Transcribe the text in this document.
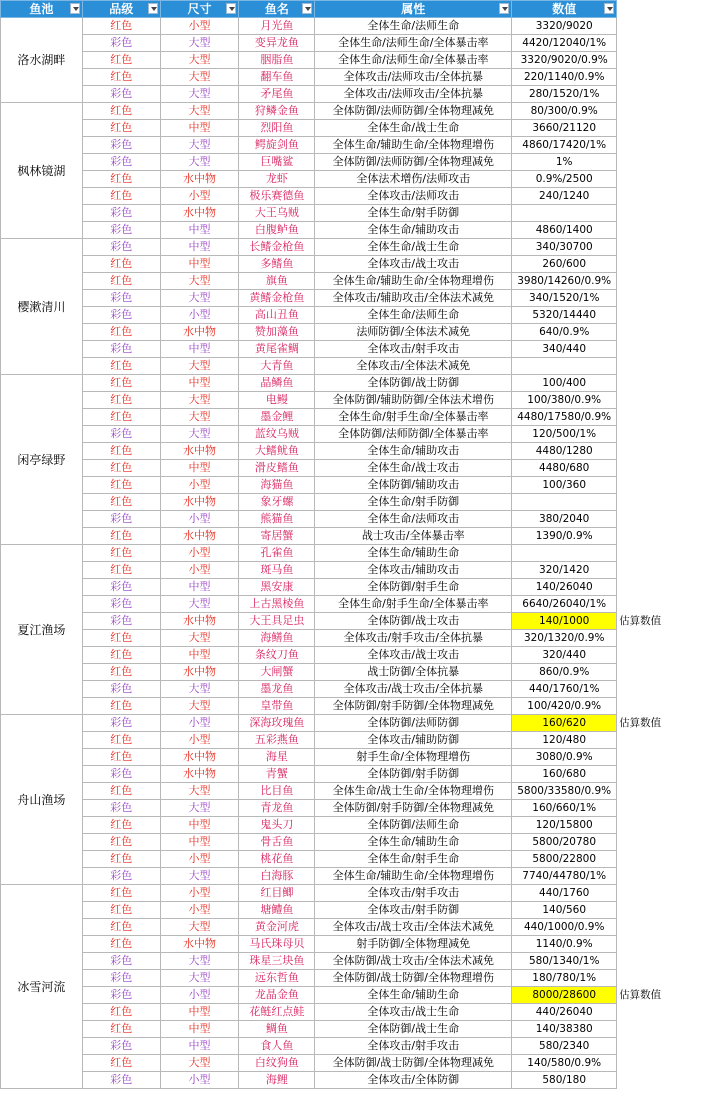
鱼池	品级	尺寸	鱼名	属性	数值	

洛水湖畔	红色	小型	月光鱼	全体生命/法师生命	3320/9020	
	彩色	大型	变异龙鱼	全体生命/法师生命/全体暴击率	4420/12040/1%	
	红色	大型	胭脂鱼	全体生命/法师生命/全体暴击率	3320/9020/0.9%	
	红色	大型	翻车鱼	全体攻击/法师攻击/全体抗暴	220/1140/0.9%	
	彩色	大型	矛尾鱼	全体攻击/法师攻击/全体抗暴	280/1520/1%	
枫林镜湖	红色	大型	狩鳞金鱼	全体防御/法师防御/全体物理减免	80/300/0.9%	
	红色	中型	烈阳鱼	全体生命/战士生命	3660/21120	
	彩色	大型	鳄旋剑鱼	全体生命/辅助生命/全体物理增伤	4860/17420/1%	
	彩色	大型	巨嘴鲨	全体防御/法师防御/全体物理减免	1%	
	红色	水中物	龙虾	全体法术增伤/法师攻击	0.9%/2500	
	红色	小型	极乐赛德鱼	全体攻击/法师攻击	240/1240	
	彩色	水中物	大王乌贼	全体生命/射手防御		
	彩色	中型	白腹鲈鱼	全体生命/辅助攻击	4860/1400	
樱漱清川	彩色	中型	长鳍金枪鱼	全体生命/战士生命	340/30700	
	红色	中型	多鳍鱼	全体攻击/战士攻击	260/600	
	红色	大型	旗鱼	全体生命/辅助生命/全体物理增伤	3980/14260/0.9%	
	彩色	大型	黄鳍金枪鱼	全体攻击/辅助攻击/全体法术减免	340/1520/1%	
	彩色	小型	高山丑鱼	全体生命/法师生命	5320/14440	
	红色	水中物	赞加藻鱼	法师防御/全体法术减免	640/0.9%	
	彩色	中型	黄尾雀鲷	全体攻击/射手攻击	340/440	
	红色	大型	大青鱼	全体攻击/全体法术减免		
闲亭绿野	红色	中型	晶鳞鱼	全体防御/战士防御	100/400	
	红色	大型	电鳗	全体防御/辅助防御/全体法术增伤	100/380/0.9%	
	红色	大型	墨金鲤	全体生命/射手生命/全体暴击率	4480/17580/0.9%	
	彩色	大型	蓝纹乌贼	全体防御/法师防御/全体暴击率	120/500/1%	
	红色	水中物	大鳍鱿鱼	全体生命/辅助攻击	4480/1280	
	红色	中型	滑皮鳍鱼	全体生命/战士攻击	4480/680	
	红色	小型	海猫鱼	全体防御/辅助攻击	100/360	
	红色	水中物	象牙螺	全体生命/射手防御		
	彩色	小型	熊猫鱼	全体生命/法师攻击	380/2040	
	红色	水中物	寄居蟹	战士攻击/全体暴击率	1390/0.9%	
夏江渔场	红色	小型	孔雀鱼	全体生命/辅助生命		
	红色	小型	斑马鱼	全体攻击/辅助攻击	320/1420	
	彩色	中型	黑安康	全体防御/射手生命	140/26040	
	彩色	大型	上古黑棱鱼	全体生命/射手生命/全体暴击率	6640/26040/1%	
	彩色	水中物	大王具足虫	全体防御/战士攻击	140/1000	估算数值
	红色	大型	海鳝鱼	全体攻击/射手攻击/全体抗暴	320/1320/0.9%	
	红色	中型	条纹刀鱼	全体攻击/战士攻击	320/440	
	红色	水中物	大闸蟹	战士防御/全体抗暴	860/0.9%	
	彩色	大型	墨龙鱼	全体攻击/战士攻击/全体抗暴	440/1760/1%	
	红色	大型	皇带鱼	全体防御/射手防御/全体物理减免	100/420/0.9%	
舟山渔场	彩色	小型	深海玫瑰鱼	全体防御/法师防御	160/620	估算数值
	红色	小型	五彩燕鱼	全体攻击/辅助防御	120/480	
	红色	水中物	海星	射手生命/全体物理增伤	3080/0.9%	
	彩色	水中物	青蟹	全体防御/射手防御	160/680	
	红色	大型	比目鱼	全体生命/战士生命/全体物理增伤	5800/33580/0.9%	
	彩色	大型	青龙鱼	全体防御/射手防御/全体物理减免	160/660/1%	
	红色	中型	鬼头刀	全体防御/法师生命	120/15800	
	红色	中型	骨舌鱼	全体生命/辅助生命	5800/20780	
	红色	小型	桃花鱼	全体生命/射手生命	5800/22800	
	彩色	大型	白海豚	全体生命/辅助生命/全体物理增伤	7740/44780/1%	
冰雪河流	红色	小型	红目鲫	全体攻击/射手攻击	440/1760	
	红色	小型	塘鳢鱼	全体攻击/射手防御	140/560	
	红色	大型	黄金河虎	全体攻击/战士攻击/全体法术减免	440/1000/0.9%	
	红色	水中物	马氏珠母贝	射手防御/全体物理减免	1140/0.9%	
	彩色	大型	珠星三块鱼	全体防御/战士攻击/全体法术减免	580/1340/1%	
	彩色	大型	远东哲鱼	全体防御/战士防御/全体物理增伤	180/780/1%	
	彩色	小型	龙晶金鱼	全体生命/辅助生命	8000/28600	估算数值
	红色	中型	花鲢红点鲑	全体攻击/战士生命	440/26040	
	红色	中型	鲷鱼	全体防御/战士生命	140/38380	
	彩色	中型	食人鱼	全体攻击/射手攻击	580/2340	
	红色	大型	白纹狗鱼	全体防御/战士防御/全体物理减免	140/580/0.9%	
	彩色	小型	海鲤	全体攻击/全体防御	580/180	
